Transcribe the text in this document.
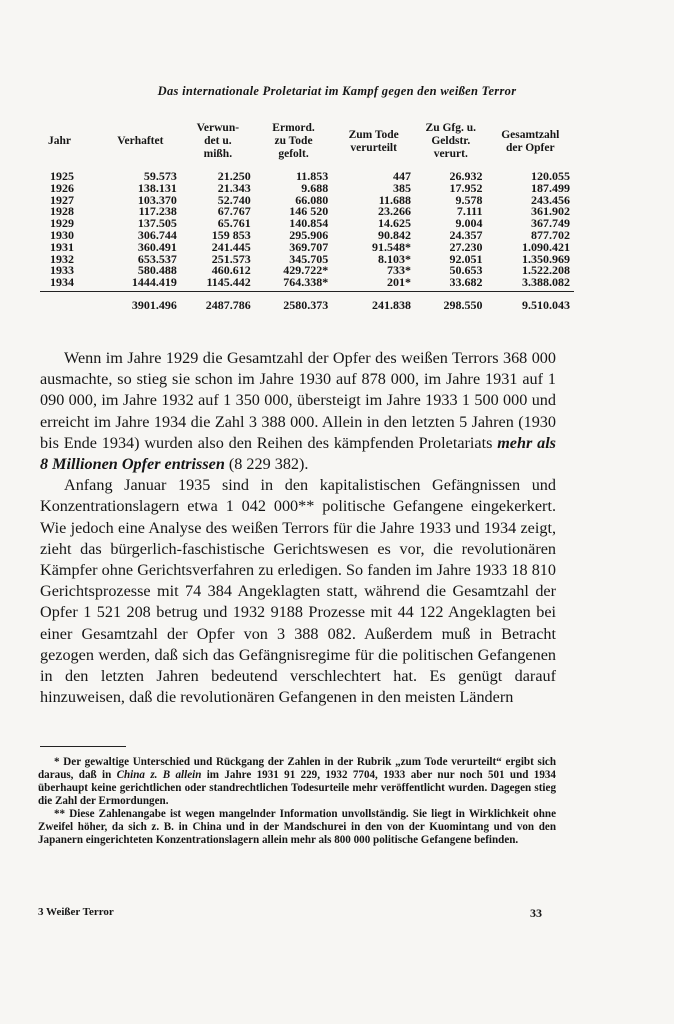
Das internationale Proletariat im Kampf gegen den weißen Terror
Jahr	Verhaftet	Verwun-
det u.
mißh.	Ermord.
zu Tode
gefolt.	Zum Tode
verurteilt	Zu Gfg. u.
Geldstr.
verurt.	Gesamtzahl
der Opfer
1925	59.573	21.250	11.853	447	26.932	120.055
1926	138.131	21.343	9.688	385	17.952	187.499
1927	103.370	52.740	66.080	11.688	9.578	243.456
1928	117.238	67.767	146 520	23.266	7.111	361.902
1929	137.505	65.761	140.854	14.625	9.004	367.749
1930	306.744	159 853	295.906	90.842	24.357	877.702
1931	360.491	241.445	369.707	91.548*	27.230	1.090.421
1932	653.537	251.573	345.705	8.103*	92.051	1.350.969
1933	580.488	460.612	429.722*	733*	50.653	1.522.208
1934	1444.419	1145.442	764.338*	201*	33.682	3.388.082
	3901.496	2487.786	2580.373	241.838	298.550	9.510.043

Wenn im Jahre 1929 die Gesamtzahl der Opfer des weißen Terrors 368 000 ausmachte, so stieg sie schon im Jahre 1930 auf 878 000, im Jahre 1931 auf 1 090 000, im Jahre 1932 auf 1 350 000, übersteigt im Jahre 1933 1 500 000 und erreicht im Jahre 1934 die Zahl 3 388 000. Allein in den letzten 5 Jahren (1930 bis Ende 1934) wurden also den Reihen des kämpfenden Proletariats mehr als 8 Millionen Opfer entrissen (8 229 382).

Anfang Januar 1935 sind in den kapitalistischen Gefängnissen und Konzentrationslagern etwa 1 042 000** politische Gefangene eingekerkert. Wie jedoch eine Analyse des weißen Terrors für die Jahre 1933 und 1934 zeigt, zieht das bürgerlich-faschistische Gerichtswesen es vor, die revolutionären Kämpfer ohne Gerichtsverfahren zu erledigen. So fanden im Jahre 1933 18 810 Gerichtsprozesse mit 74 384 Angeklagten statt, während die Gesamtzahl der Opfer 1 521 208 betrug und 1932 9188 Prozesse mit 44 122 Angeklagten bei einer Gesamtzahl der Opfer von 3 388 082. Außerdem muß in Betracht gezogen werden, daß sich das Gefängnisregime für die politischen Gefangenen in den letzten Jahren bedeutend verschlechtert hat. Es genügt darauf hinzuweisen, daß die revolutionären Gefangenen in den meisten Ländern

* Der gewaltige Unterschied und Rückgang der Zahlen in der Rubrik „zum Tode verurteilt“ ergibt sich daraus, daß in China z. B allein im Jahre 1931 91 229, 1932 7704, 1933 aber nur noch 501 und 1934 überhaupt keine gerichtlichen oder standrechtlichen Todesurteile mehr veröffentlicht wurden. Dagegen stieg die Zahl der Ermordungen.

** Diese Zahlenangabe ist wegen mangelnder Information unvollständig. Sie liegt in Wirklichkeit ohne Zweifel höher, da sich z. B. in China und in der Mandschurei in den von der Kuomintang und von den Japanern eingerichteten Konzentrationslagern allein mehr als 800 000 politische Gefangene befinden.

3 Weißer Terror	33
